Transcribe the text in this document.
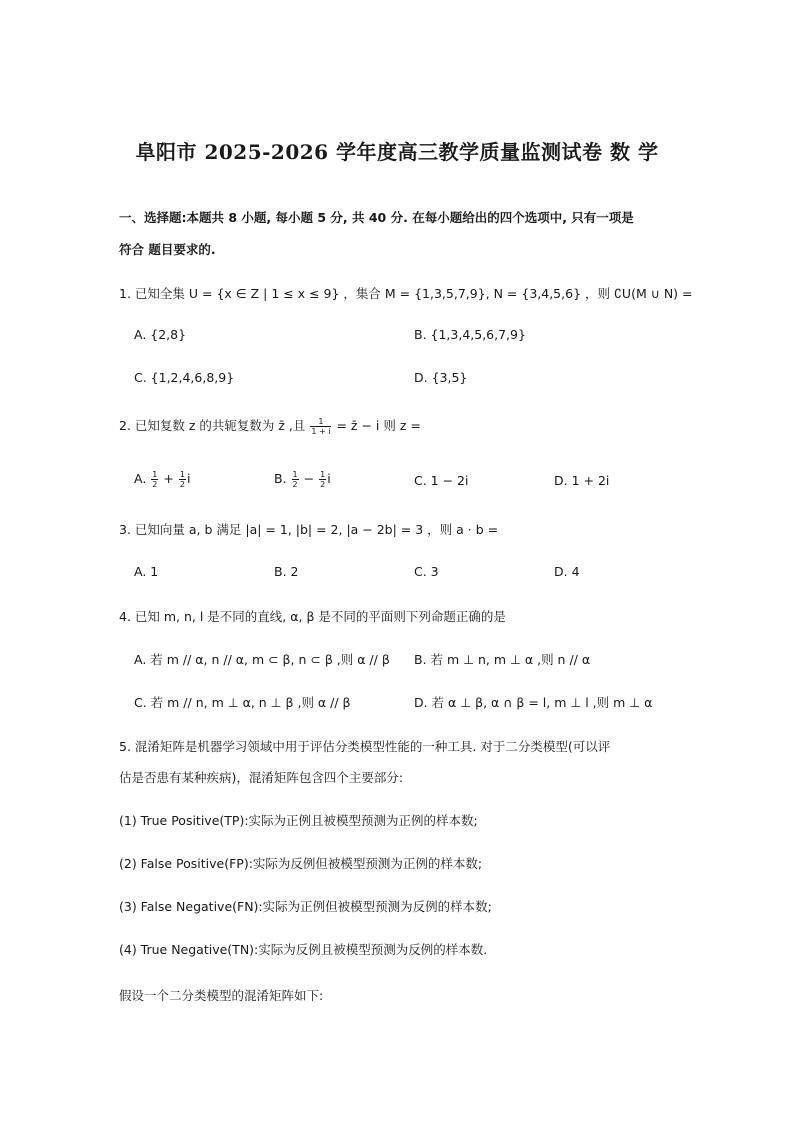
阜阳市 2025-2026 学年度高三教学质量监测试卷 数 学
一、选择题:本题共 8 小题, 每小题 5 分, 共 40 分. 在每小题给出的四个选项中, 只有一项是
符合 题目要求的.
1. 已知全集 U = {x ∈ Z | 1 ≤ x ≤ 9} ，集合 M = {1,3,5,7,9}, N = {3,4,5,6} ，则 ∁U(M ∪ N) =
A. {2,8}	B. {1,3,4,5,6,7,9}
C. {1,2,4,6,8,9}	D. {3,5}
2. 已知复数 z 的共轭复数为 z̄ ,且 $\frac{1}{1 + i}$ = z̄ − i 则 z =
A. $\frac{1}{2} + \frac{1}{2}$ i	B. $\frac{1}{2} - \frac{1}{2}$ i	C. 1 − 2i	D. 1 + 2i
3. 已知向量 a, b 满足 |a| = 1, |b| = 2, |a − 2b| = 3 ，则 a · b =
A. 1	B. 2	C. 3	D. 4
4. 已知 m, n, l 是不同的直线, α, β 是不同的平面则下列命题正确的是
A. 若 m // α, n // α, m ⊂ β, n ⊂ β ,则 α // β B. 若 m ⊥ n, m ⊥ α ,则 n // α
C. 若 m // n, m ⊥ α, n ⊥ β ,则 α // β	D. 若 α ⊥ β, α ∩ β = l, m ⊥ l ,则 m ⊥ α
5. 混淆矩阵是机器学习领域中用于评估分类模型性能的一种工具. 对于二分类模型(可以评
估是否患有某种疾病)，混淆矩阵包含四个主要部分:
(1) True Positive(TP):实际为正例且被模型预测为正例的样本数;
(2) False Positive(FP):实际为反例但被模型预测为正例的样本数;
(3) False Negative(FN):实际为正例但被模型预测为反例的样本数;
(4) True Negative(TN):实际为反例且被模型预测为反例的样本数.
假设一个二分类模型的混淆矩阵如下:
